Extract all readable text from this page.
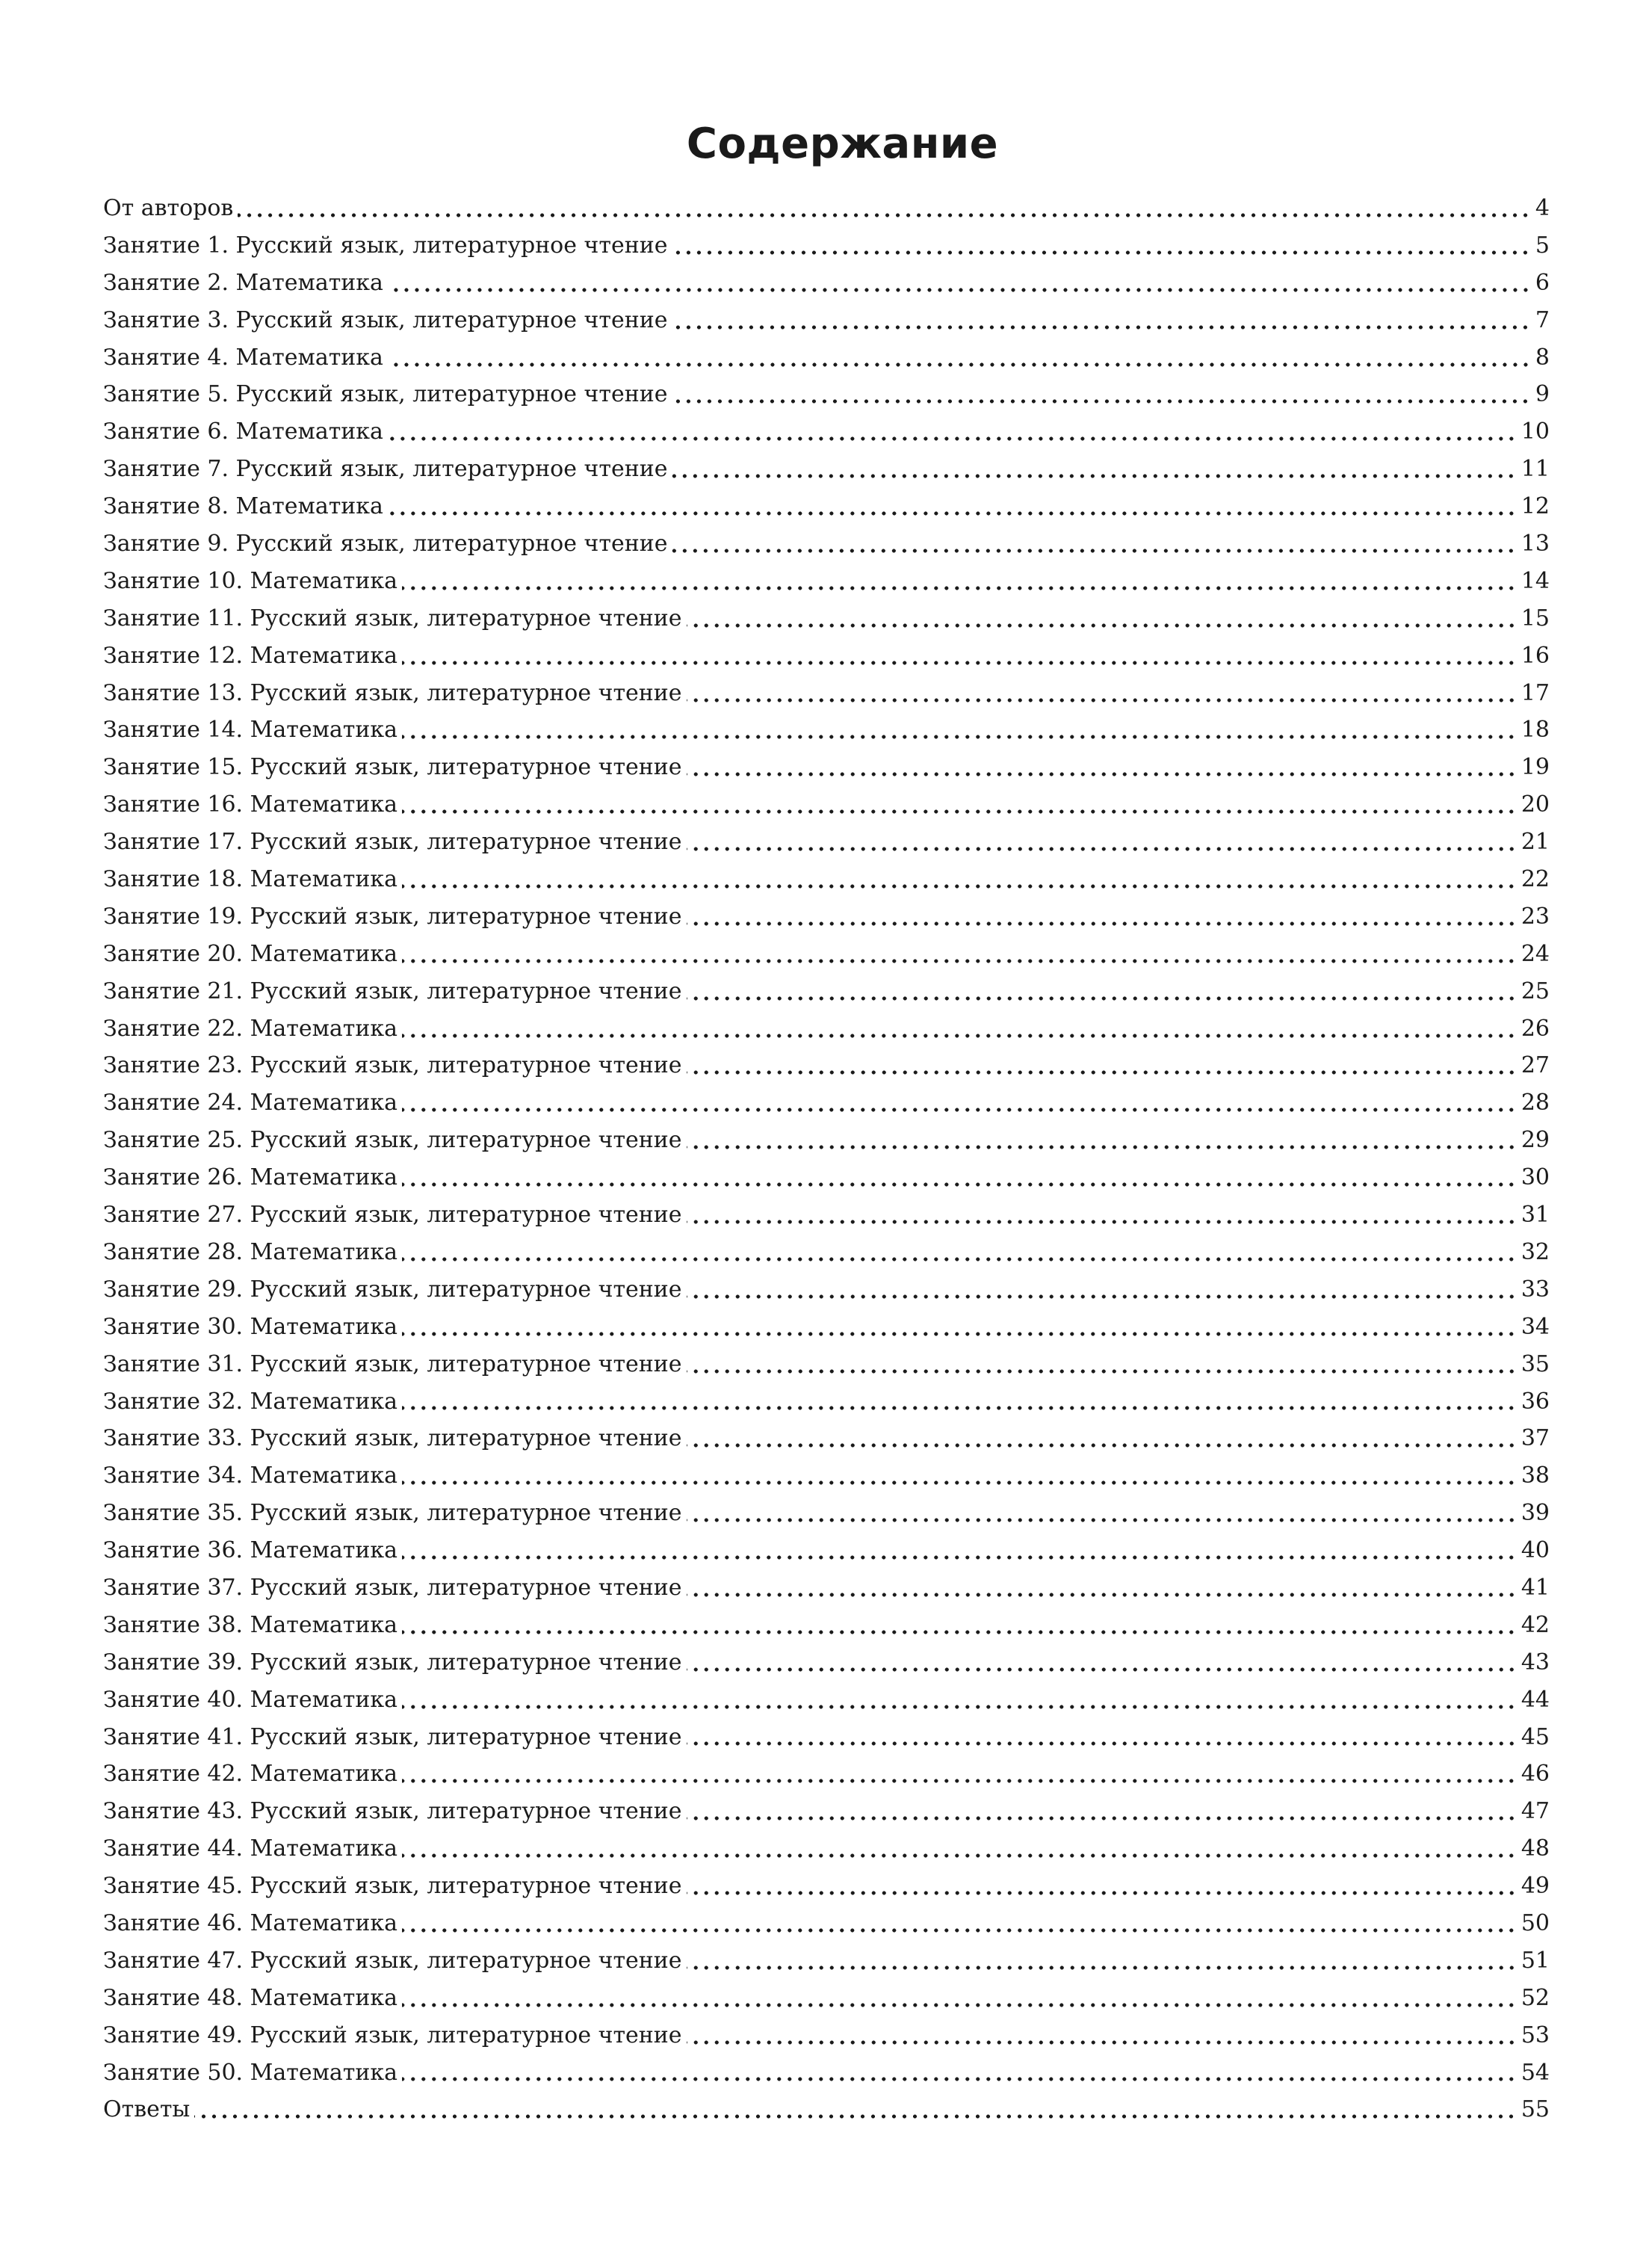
Содержание
От авторов	4
Занятие 1. Русский язык, литературное чтение	5
Занятие 2. Математика	6
Занятие 3. Русский язык, литературное чтение	7
Занятие 4. Математика	8
Занятие 5. Русский язык, литературное чтение	9
Занятие 6. Математика	10
Занятие 7. Русский язык, литературное чтение	11
Занятие 8. Математика	12
Занятие 9. Русский язык, литературное чтение	13
Занятие 10. Математика	14
Занятие 11. Русский язык, литературное чтение	15
Занятие 12. Математика	16
Занятие 13. Русский язык, литературное чтение	17
Занятие 14. Математика	18
Занятие 15. Русский язык, литературное чтение	19
Занятие 16. Математика	20
Занятие 17. Русский язык, литературное чтение	21
Занятие 18. Математика	22
Занятие 19. Русский язык, литературное чтение	23
Занятие 20. Математика	24
Занятие 21. Русский язык, литературное чтение	25
Занятие 22. Математика	26
Занятие 23. Русский язык, литературное чтение	27
Занятие 24. Математика	28
Занятие 25. Русский язык, литературное чтение	29
Занятие 26. Математика	30
Занятие 27. Русский язык, литературное чтение	31
Занятие 28. Математика	32
Занятие 29. Русский язык, литературное чтение	33
Занятие 30. Математика	34
Занятие 31. Русский язык, литературное чтение	35
Занятие 32. Математика	36
Занятие 33. Русский язык, литературное чтение	37
Занятие 34. Математика	38
Занятие 35. Русский язык, литературное чтение	39
Занятие 36. Математика	40
Занятие 37. Русский язык, литературное чтение	41
Занятие 38. Математика	42
Занятие 39. Русский язык, литературное чтение	43
Занятие 40. Математика	44
Занятие 41. Русский язык, литературное чтение	45
Занятие 42. Математика	46
Занятие 43. Русский язык, литературное чтение	47
Занятие 44. Математика	48
Занятие 45. Русский язык, литературное чтение	49
Занятие 46. Математика	50
Занятие 47. Русский язык, литературное чтение	51
Занятие 48. Математика	52
Занятие 49. Русский язык, литературное чтение	53
Занятие 50. Математика	54
Ответы	55
